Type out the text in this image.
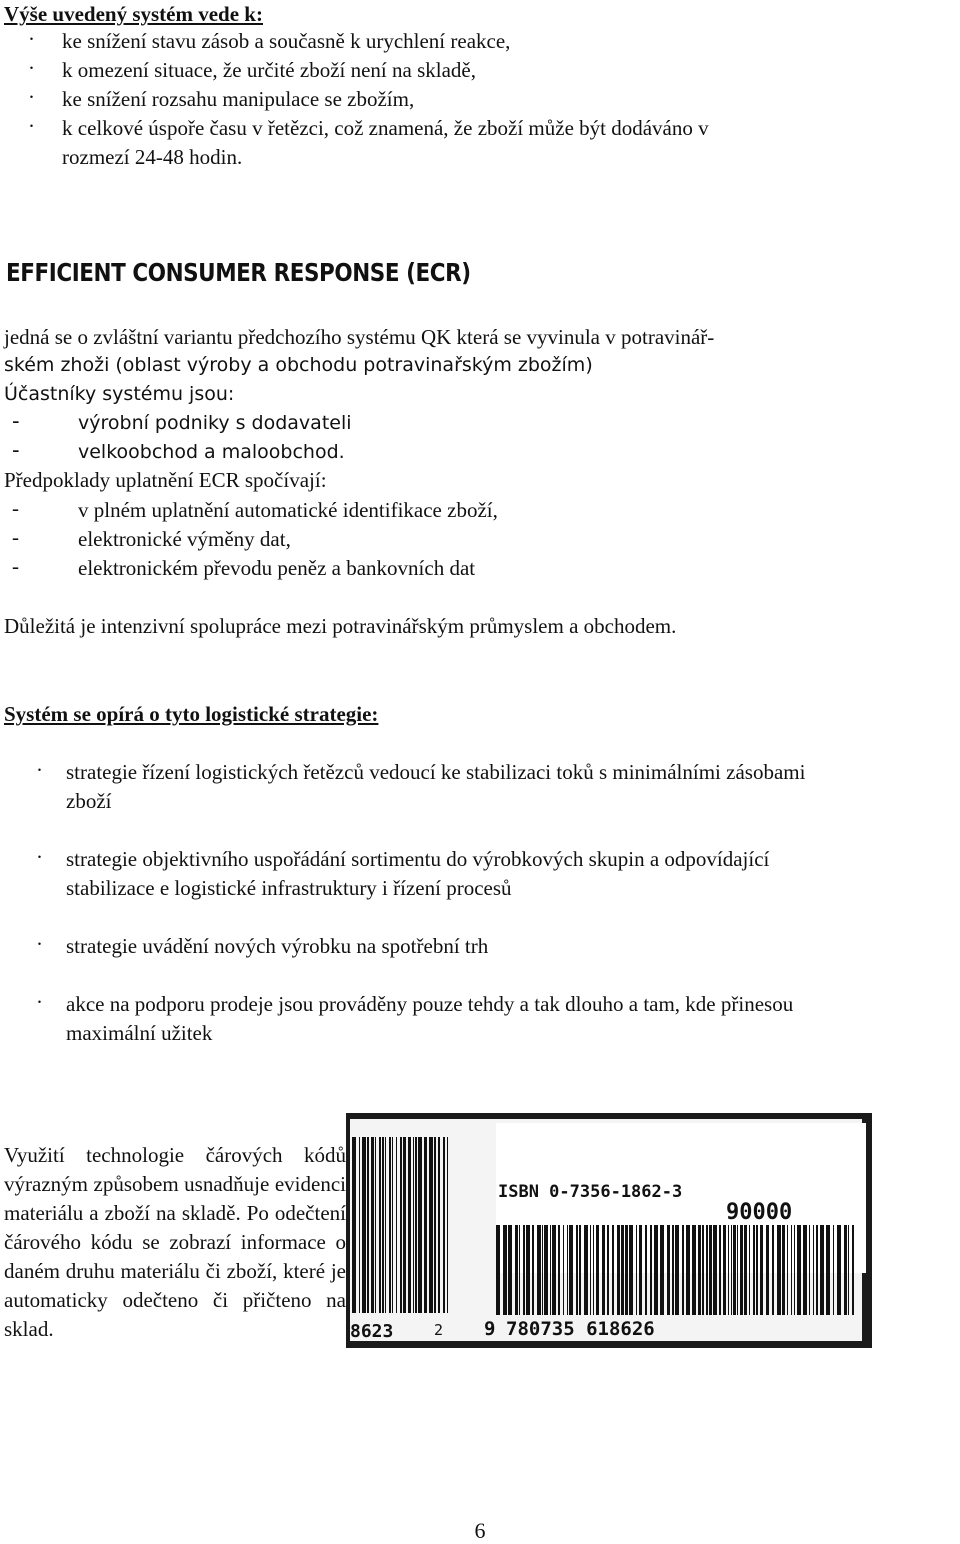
Výše uvedený systém vede k:
· ke snížení stavu zásob a současně k urychlení reakce,
· k omezení situace, že určité zboží není na skladě,
· ke snížení rozsahu manipulace se zbožím,
· k celkové úspoře času v řetězci, což znamená, že zboží může být dodáváno v
rozmezí 24-48 hodin.
EFFICIENT CONSUMER RESPONSE (ECR)
jedná se o zvláštní variantu předchozího systému QK která se vyvinula v potravinář-
ském zhoži (oblast výroby a obchodu potravinařským zbožím)
Účastníky systému jsou:
-	výrobní podniky s dodavateli
-	velkoobchod a maloobchod.
Předpoklady uplatnění ECR spočívají:
-	v plném uplatnění automatické identifikace zboží,
-	elektronické výměny dat,
-	elektronickém převodu peněz a bankovních dat
Důležitá je intenzivní spolupráce mezi potravinářským průmyslem a obchodem.
Systém se opírá o tyto logistické strategie:
· strategie řízení logistických řetězců vedoucí ke stabilizaci toků s minimálními zásobami
zboží
· strategie objektivního uspořádání sortimentu do výrobkových skupin a odpovídající
stabilizace e logistické infrastruktury i řízení procesů
· strategie uvádění nových výrobku na spotřební trh
· akce na podporu prodeje jsou prováděny pouze tehdy a tak dlouho a tam, kde přinesou
maximální užitek
Využití technologie čárových kódů výrazným způsobem usnadňuje evidenci materiálu a zboží na skladě. Po odečtení čárového kódu se zobrazí informace o daném druhu materiálu či zboží, které je automaticky odečteno či přičteno na sklad.
ISBN 0-7356-1862-3
90000
8623	2 9 780735 618626
6
